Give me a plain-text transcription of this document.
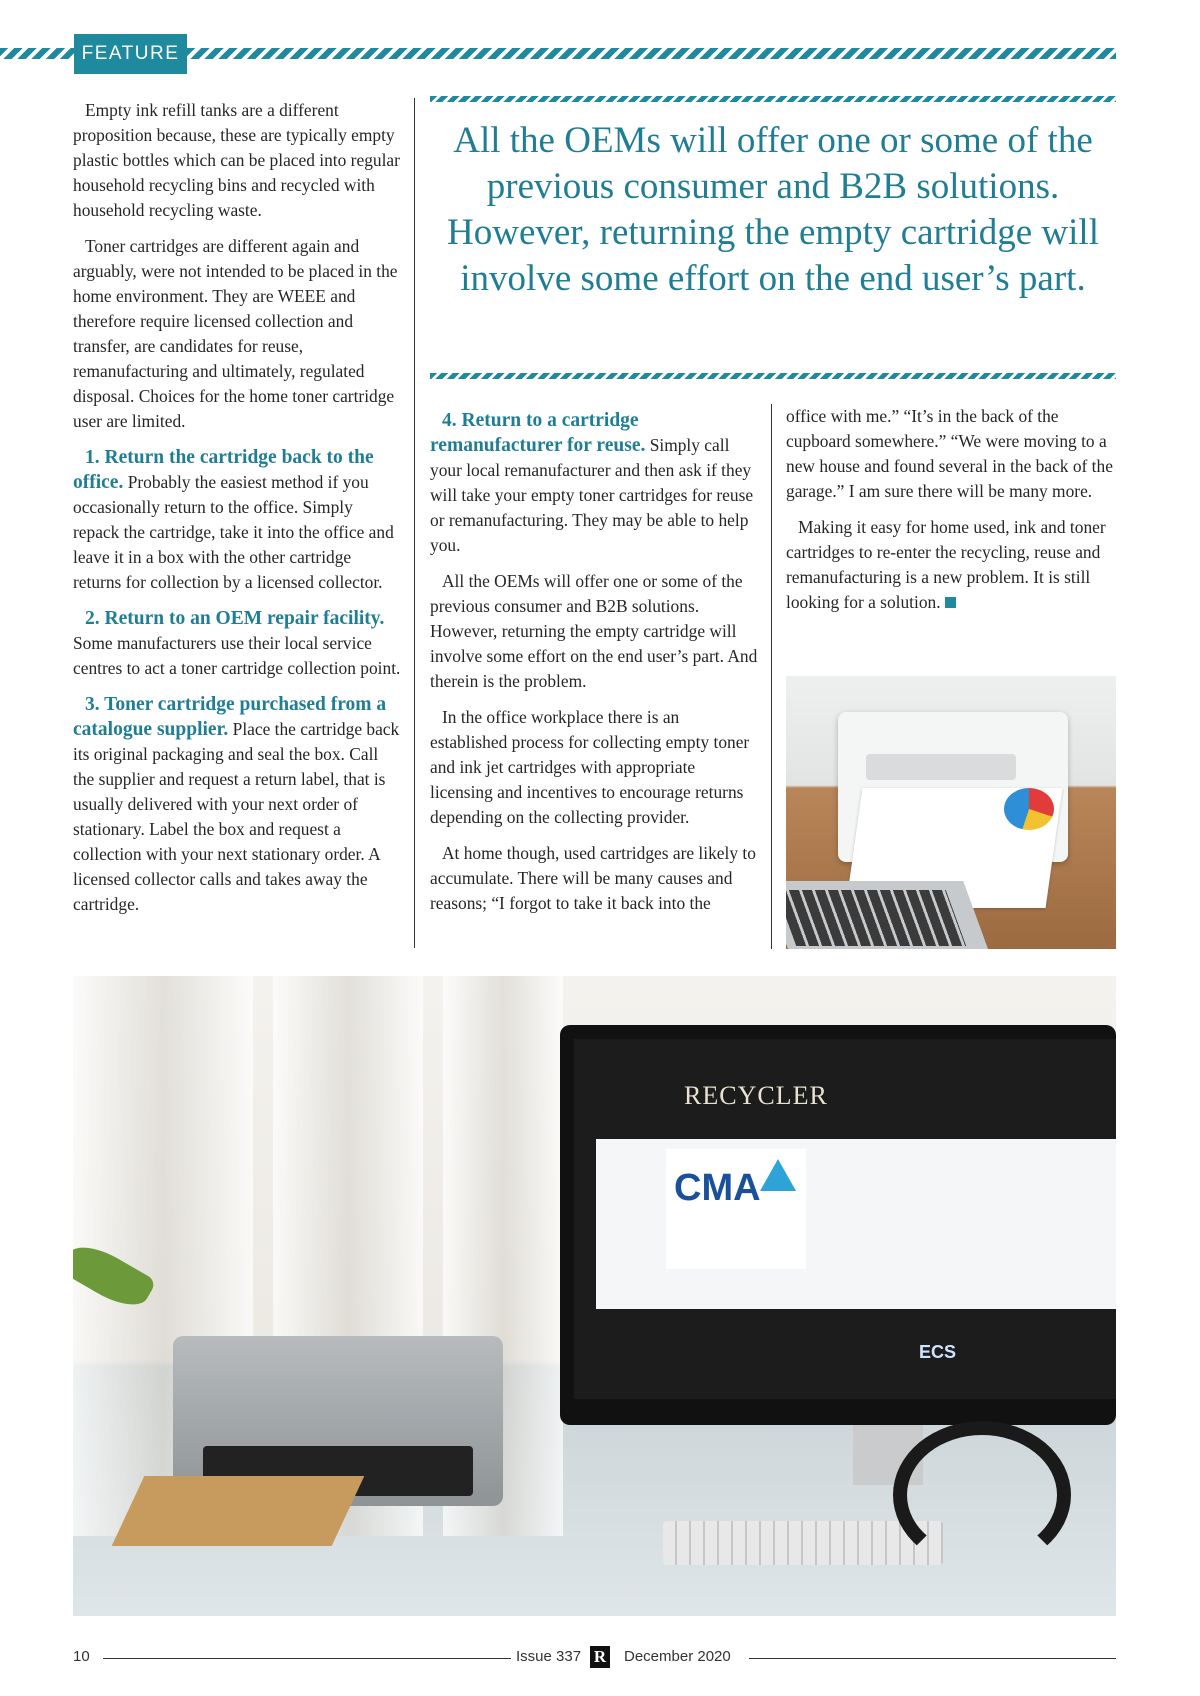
FEATURE

Empty ink refill tanks are a different proposition because, these are typically empty plastic bottles which can be placed into regular household recycling bins and recycled with household recycling waste.

Toner cartridges are different again and arguably, were not intended to be placed in the home environment. They are WEEE and therefore require licensed collection and transfer, are candidates for reuse, remanufacturing and ultimately, regulated disposal. Choices for the home toner cartridge user are limited.

1. Return the cartridge back to the office. Probably the easiest method if you occasionally return to the office. Simply repack the cartridge, take it into the office and leave it in a box with the other cartridge returns for collection by a licensed collector.

2. Return to an OEM repair facility. Some manufacturers use their local service centres to act a toner cartridge collection point.

3. Toner cartridge purchased from a catalogue supplier. Place the cartridge back its original packaging and seal the box. Call the supplier and request a return label, that is usually delivered with your next order of stationary. Label the box and request a collection with your next stationary order. A licensed collector calls and takes away the cartridge.

All the OEMs will offer one or some of the previous consumer and B2B solutions. However, returning the empty cartridge will involve some effort on the end user’s part.

4. Return to a cartridge remanufacturer for reuse. Simply call your local remanufacturer and then ask if they will take your empty toner cartridges for reuse or remanufacturing. They may be able to help you.

All the OEMs will offer one or some of the previous consumer and B2B solutions. However, returning the empty cartridge will involve some effort on the end user’s part. And therein is the problem.

In the office workplace there is an established process for collecting empty toner and ink jet cartridges with appropriate licensing and incentives to encourage returns depending on the collecting provider.

At home though, used cartridges are likely to accumulate. There will be many causes and reasons; “I forgot to take it back into the

office with me.” “It’s in the back of the cupboard somewhere.” “We were moving to a new house and found several in the back of the garage.” I am sure there will be many more.

Making it easy for home used, ink and toner cartridges to re-enter the recycling, reuse and remanufacturing is a new problem. It is still looking for a solution.

RECYCLER
CMA
ECS
10	Issue 337 R December 2020
